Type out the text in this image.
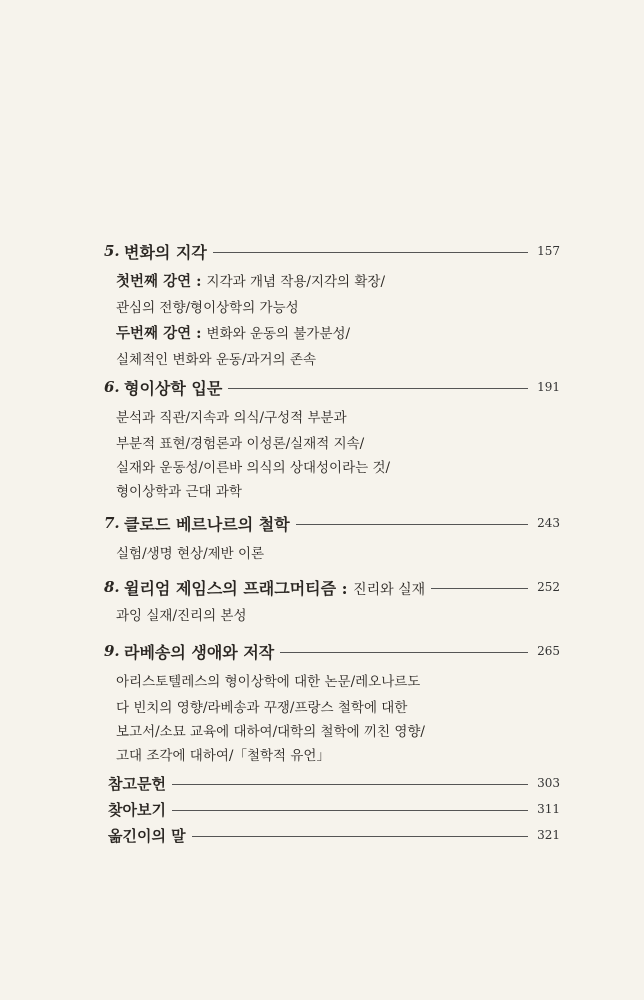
5. 변화의 지각	157
첫번째 강연 : 지각과 개념 작용/지각의 확장/
관심의 전향/형이상학의 가능성
두번째 강연 : 변화와 운동의 불가분성/
실체적인 변화와 운동/과거의 존속
6. 형이상학 입문	191
분석과 직관/지속과 의식/구성적 부분과
부분적 표현/경험론과 이성론/실재적 지속/
실재와 운동성/이른바 의식의 상대성이라는 것/
형이상학과 근대 과학
7. 클로드 베르나르의 철학	243
실험/생명 현상/제반 이론
8. 윌리엄 제임스의 프래그머티즘 : 진리와 실재	252
과잉 실재/진리의 본성
9. 라베송의 생애와 저작	265
아리스토텔레스의 형이상학에 대한 논문/레오나르도
다 빈치의 영향/라베송과 꾸쟁/프랑스 철학에 대한
보고서/소묘 교육에 대하여/대학의 철학에 끼친 영향/
고대 조각에 대하여/「철학적 유언」
참고문헌	303
찾아보기	311
옮긴이의 말	321
